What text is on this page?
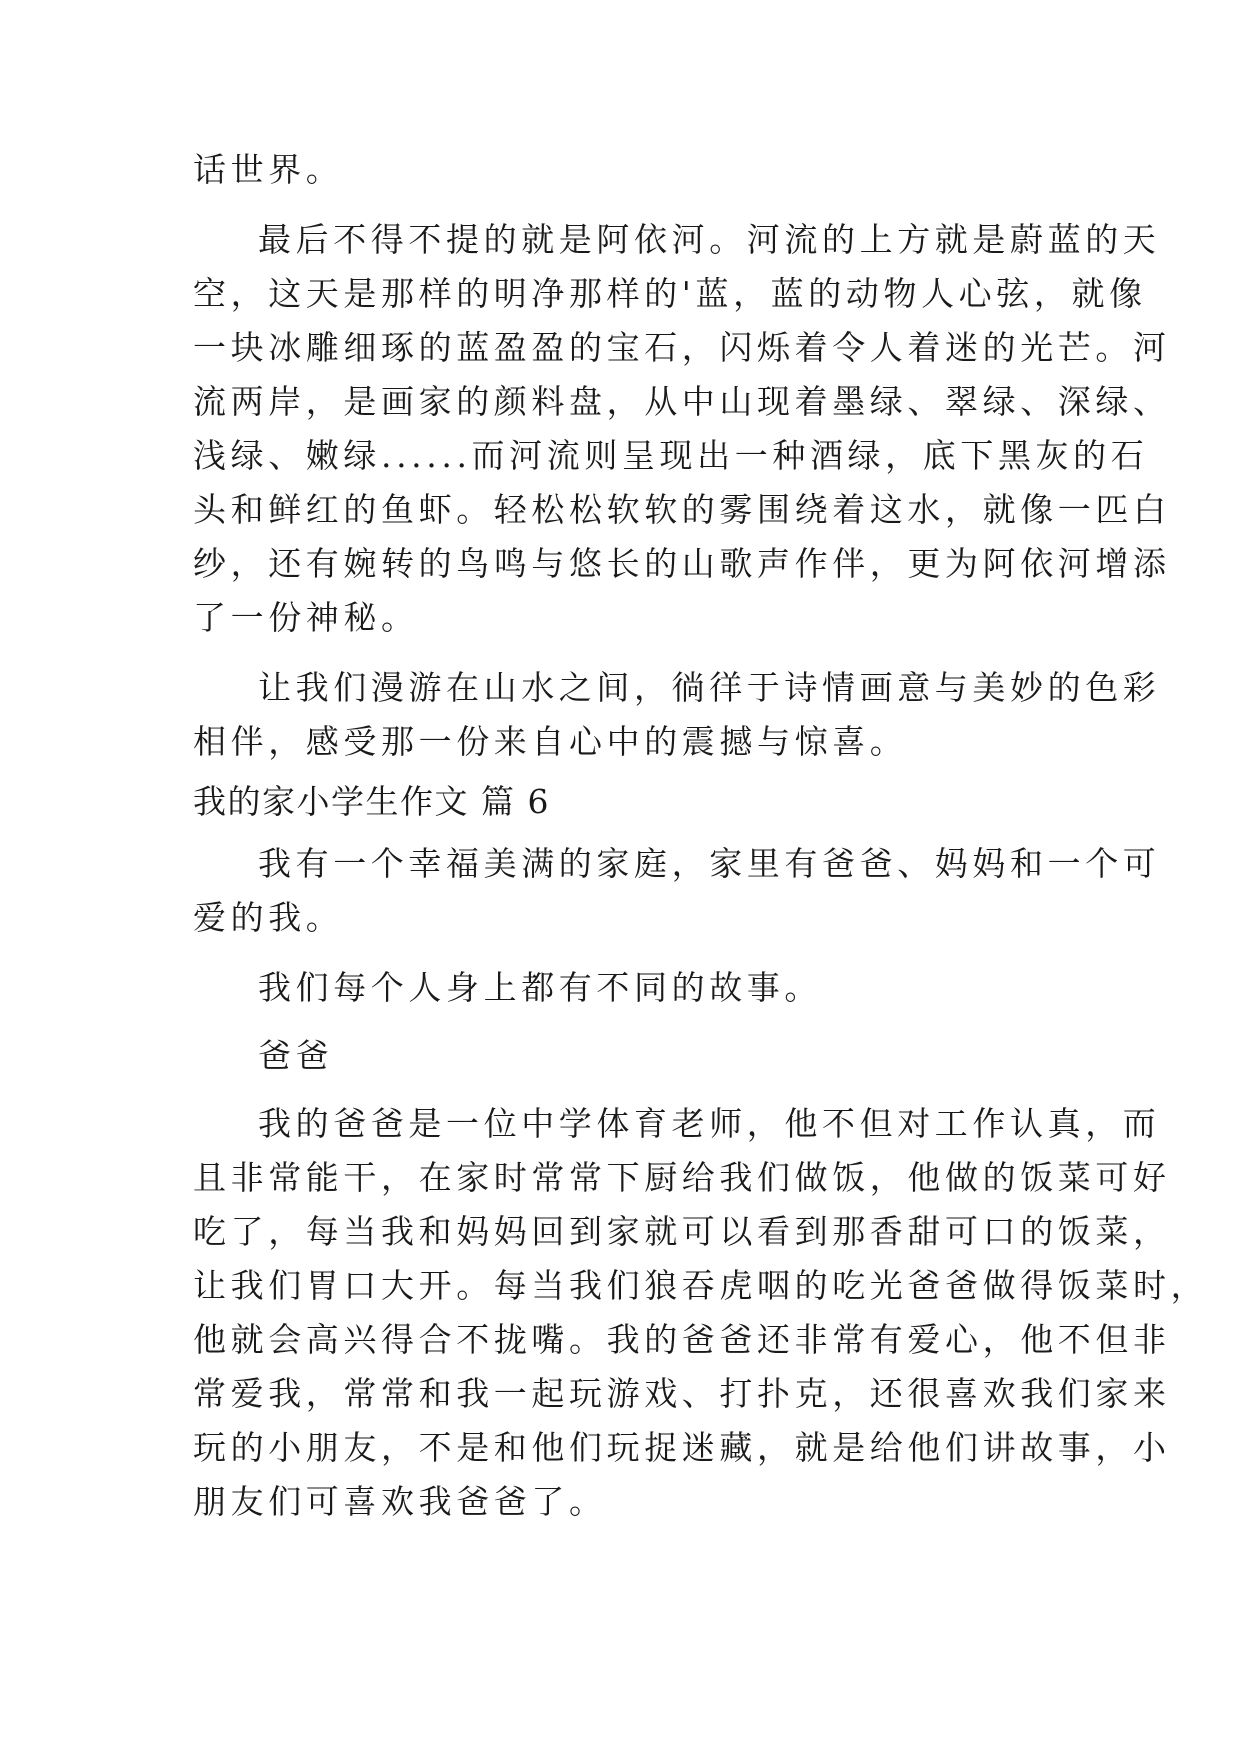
话世界。
最后不得不提的就是阿依河。河流的上方就是蔚蓝的天
空，这天是那样的明净那样的'蓝，蓝的动物人心弦，就像
一块冰雕细琢的蓝盈盈的宝石，闪烁着令人着迷的光芒。河
流两岸，是画家的颜料盘，从中山现着墨绿、翠绿、深绿、
浅绿、嫩绿......而河流则呈现出一种酒绿，底下黑灰的石
头和鲜红的鱼虾。轻松松软软的雾围绕着这水，就像一匹白
纱，还有婉转的鸟鸣与悠长的山歌声作伴，更为阿依河增添
了一份神秘。
让我们漫游在山水之间，徜徉于诗情画意与美妙的色彩
相伴，感受那一份来自心中的震撼与惊喜。
我的家小学生作文 篇 6
我有一个幸福美满的家庭，家里有爸爸、妈妈和一个可
爱的我。
我们每个人身上都有不同的故事。
爸爸
我的爸爸是一位中学体育老师，他不但对工作认真，而
且非常能干，在家时常常下厨给我们做饭，他做的饭菜可好
吃了，每当我和妈妈回到家就可以看到那香甜可口的饭菜，
让我们胃口大开。每当我们狼吞虎咽的吃光爸爸做得饭菜时，
他就会高兴得合不拢嘴。我的爸爸还非常有爱心，他不但非
常爱我，常常和我一起玩游戏、打扑克，还很喜欢我们家来
玩的小朋友，不是和他们玩捉迷藏，就是给他们讲故事，小
朋友们可喜欢我爸爸了。
